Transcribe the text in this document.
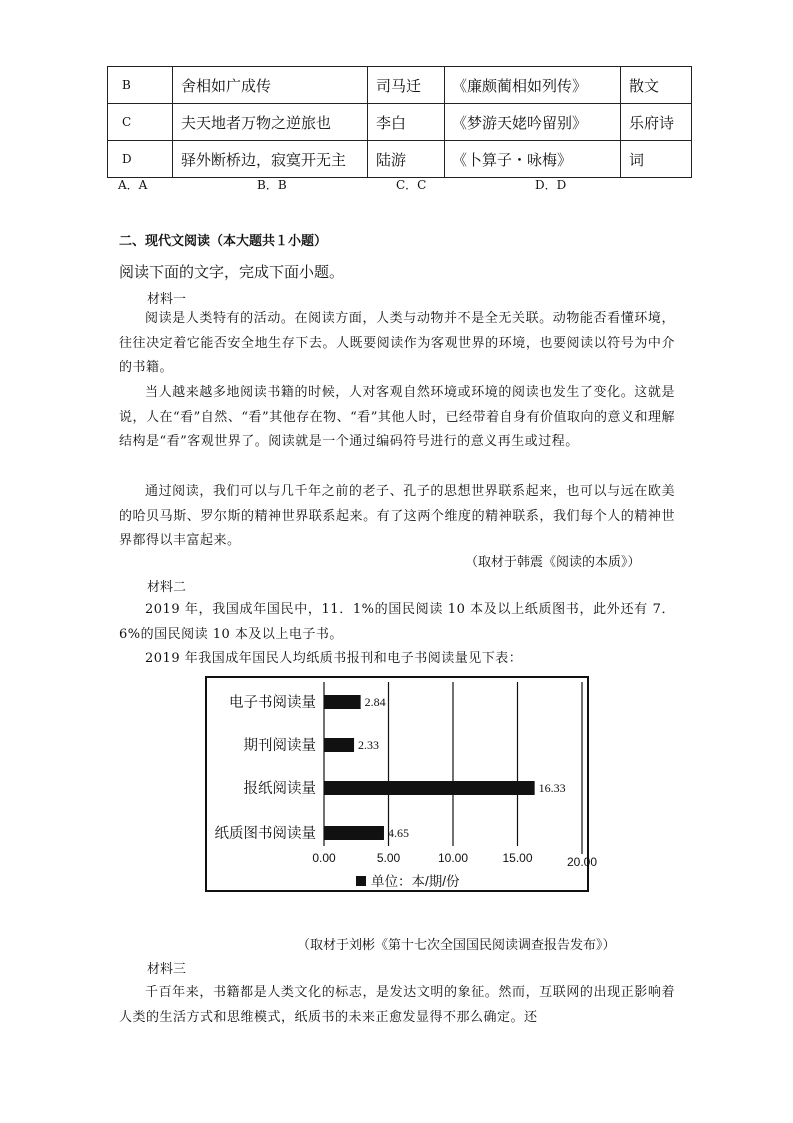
B	舍相如广成传	司马迁	《廉颇蔺相如列传》	散文
C	夫天地者万物之逆旅也	李白	《梦游天姥吟留别》	乐府诗
D	驿外断桥边，寂寞开无主	陆游	《卜算子・咏梅》	词
A．A	B．B	C．C	D．D
二、现代文阅读（本大题共１小题）
阅读下面的文字，完成下面小题。
材料一

阅读是人类特有的活动。在阅读方面，人类与动物并不是全无关联。动物能否看懂环境，往往决定着它能否安全地生存下去。人既要阅读作为客观世界的环境，也要阅读以符号为中介的书籍。

当人越来越多地阅读书籍的时候，人对客观自然环境或环境的阅读也发生了变化。这就是说，人在“看”自然、“看”其他存在物、“看”其他人时，已经带着自身有价值取向的意义和理解结构是“看”客观世界了。阅读就是一个通过编码符号进行的意义再生或过程。

通过阅读，我们可以与几千年之前的老子、孔子的思想世界联系起来，也可以与远在欧美的哈贝马斯、罗尔斯的精神世界联系起来。有了这两个维度的精神联系，我们每个人的精神世界都得以丰富起来。

（取材于韩震《阅读的本质》）
材料二

2019 年，我国成年国民中，11．1%的国民阅读 10 本及以上纸质图书，此外还有 7．6%的国民阅读 10 本及以上电子书。

2019 年我国成年国民人均纸质书报刊和电子书阅读量见下表：

电子书阅读量	2.84
期刊阅读量	2.33
报纸阅读量	16.33
纸质图书阅读量	4.65
0.00	5.00	10.00	15.00	20.00
单位：本/期/份
（取材于刘彬《第十七次全国国民阅读调查报告发布》）
材料三

千百年来，书籍都是人类文化的标志，是发达文明的象征。然而，互联网的出现正影响着人类的生活方式和思维模式，纸质书的未来正愈发显得不那么确定。还
